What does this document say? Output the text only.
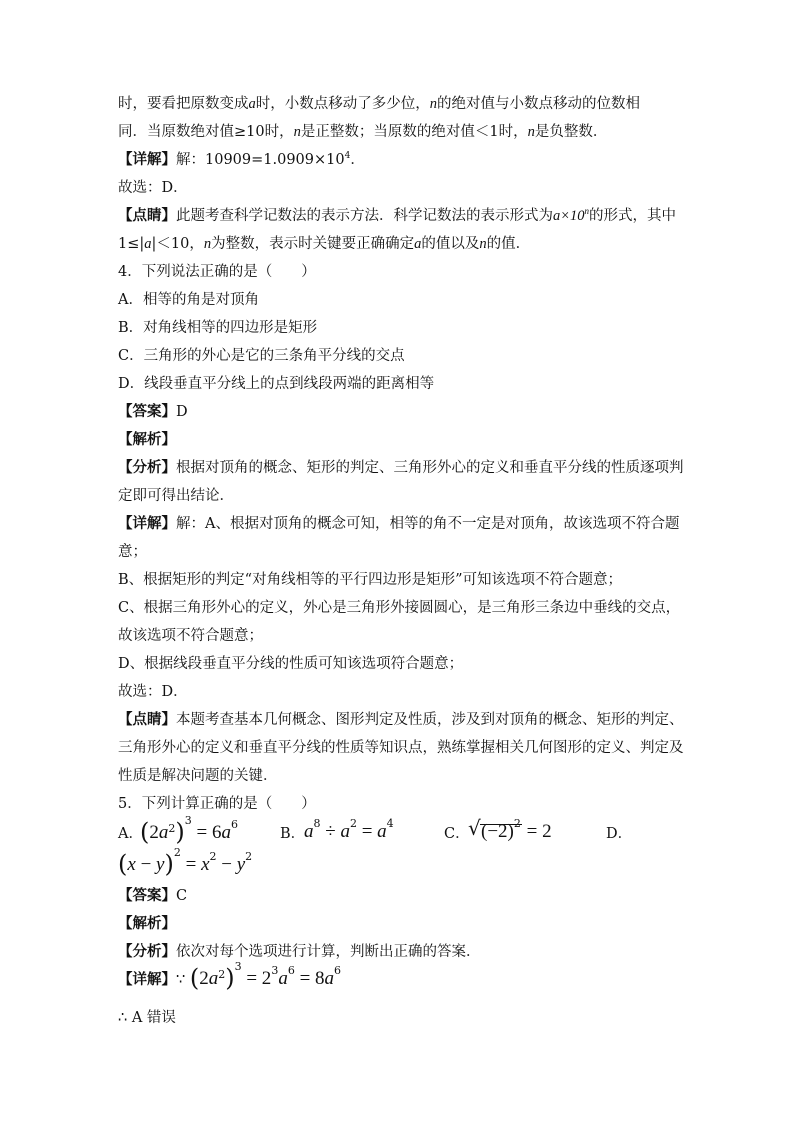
时，要看把原数变成a时，小数点移动了多少位，n的绝对值与小数点移动的位数相
同．当原数绝对值≥10时，n是正整数；当原数的绝对值＜1时，n是负整数．
【详解】解：$10909=1.0909\times 10^4$．
故选：D．
【点睛】此题考查科学记数法的表示方法．科学记数法的表示形式为$a\times 10^n$的形式，其中
1≤|a|＜10，n为整数，表示时关键要正确确定a的值以及n的值．
4．下列说法正确的是（　　）
A．相等的角是对顶角
B．对角线相等的四边形是矩形
C．三角形的外心是它的三条角平分线的交点
D．线段垂直平分线上的点到线段两端的距离相等
【答案】D
【解析】
【分析】根据对顶角的概念、矩形的判定、三角形外心的定义和垂直平分线的性质逐项判
定即可得出结论．
【详解】解：A、根据对顶角的概念可知，相等的角不一定是对顶角，故该选项不符合题
意；
B、根据矩形的判定“对角线相等的平行四边形是矩形”可知该选项不符合题意；
C、根据三角形外心的定义，外心是三角形外接圆圆心，是三角形三条边中垂线的交点，
故该选项不符合题意；
D、根据线段垂直平分线的性质可知该选项符合题意；
故选：D．
【点睛】本题考查基本几何概念、图形判定及性质，涉及到对顶角的概念、矩形的判定、
三角形外心的定义和垂直平分线的性质等知识点，熟练掌握相关几何图形的定义、判定及
性质是解决问题的关键．
5．下列计算正确的是（　　）
A．
$(2a^2)^3 = 6a^6$
B．
$a^8 \div a^2 = a^4$
C．
√ $(-2)^2 = 2$	D．
$(x - y)^2 = x^2 - y^2$
【答案】C
【解析】
【分析】依次对每个选项进行计算，判断出正确的答案．
【详解】∵ $(2a^2)^3 = 2^3a^6 = 8a^6$
∴ A 错误
